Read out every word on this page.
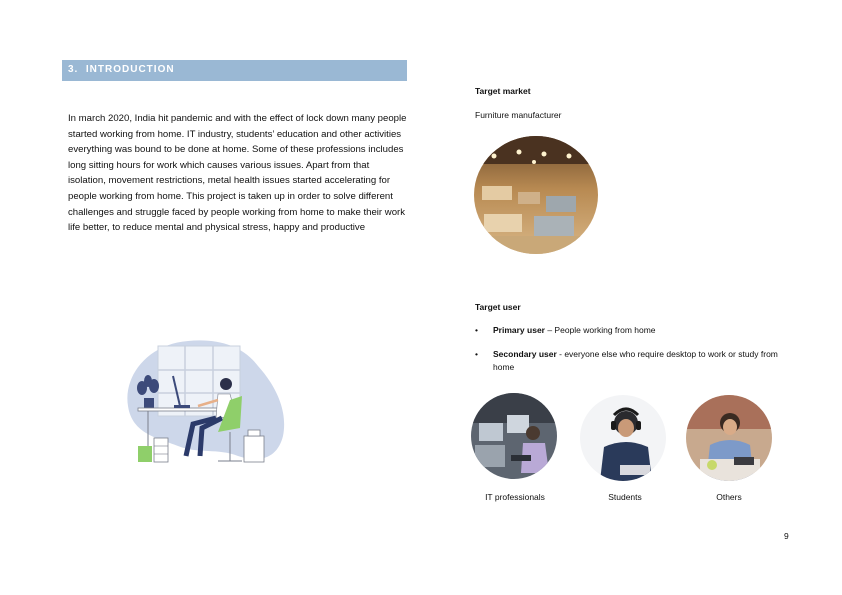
3. INTRODUCTION

In march 2020, India hit pandemic and with the effect of lock down many people started working from home. IT industry, students’ education and other activities everything was bound to be done at home. Some of these professions includes long sitting hours for work which causes various issues. Apart from that isolation, movement restrictions, metal health issues started accelerating for people working from home. This project is taken up in order to solve different challenges and struggle faced by people working from home to make their work life better, to reduce mental and physical stress, happy and productive

Target market
Furniture manufacturer
Target user
• Primary user – People working from home
• Secondary user - everyone else who require desktop to work or study from home
IT professionals	Students	Others
9
